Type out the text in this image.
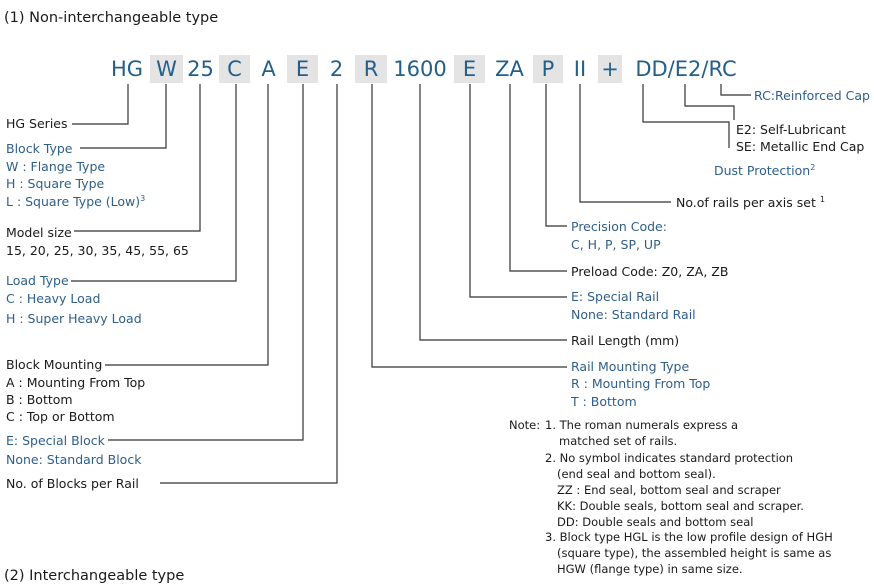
(1) Non-interchangeable type
HG W 25 C A E 2 R 1600 E ZA P II + DD/E2/RC
HG Series
Block Type
W : Flange Type
H : Square Type
L : Square Type (Low)$^3$
Model size
15, 20, 25, 30, 35, 45, 55, 65
Load Type
C : Heavy Load
H : Super Heavy Load
Block Mounting
A : Mounting From Top
B : Bottom
C : Top or Bottom
E: Special Block
None: Standard Block
No. of Blocks per Rail
RC:Reinforced Cap
E2: Self-Lubricant
SE: Metallic End Cap
Dust Protection$^2$
No.of rails per axis set $^1$
Precision Code:
C, H, P, SP, UP
Preload Code: Z0, ZA, ZB
E: Special Rail
None: Standard Rail
Rail Length (mm)
Rail Mounting Type
R : Mounting From Top
T : Bottom
Note: 1. The roman numerals express a
matched set of rails.
2. No symbol indicates standard protection
(end seal and bottom seal).
ZZ : End seal, bottom seal and scraper
KK: Double seals, bottom seal and scraper.
DD: Double seals and bottom seal
3. Block type HGL is the low profile design of HGH
(square type), the assembled height is same as
HGW (flange type) in same size.
(2) Interchangeable type
